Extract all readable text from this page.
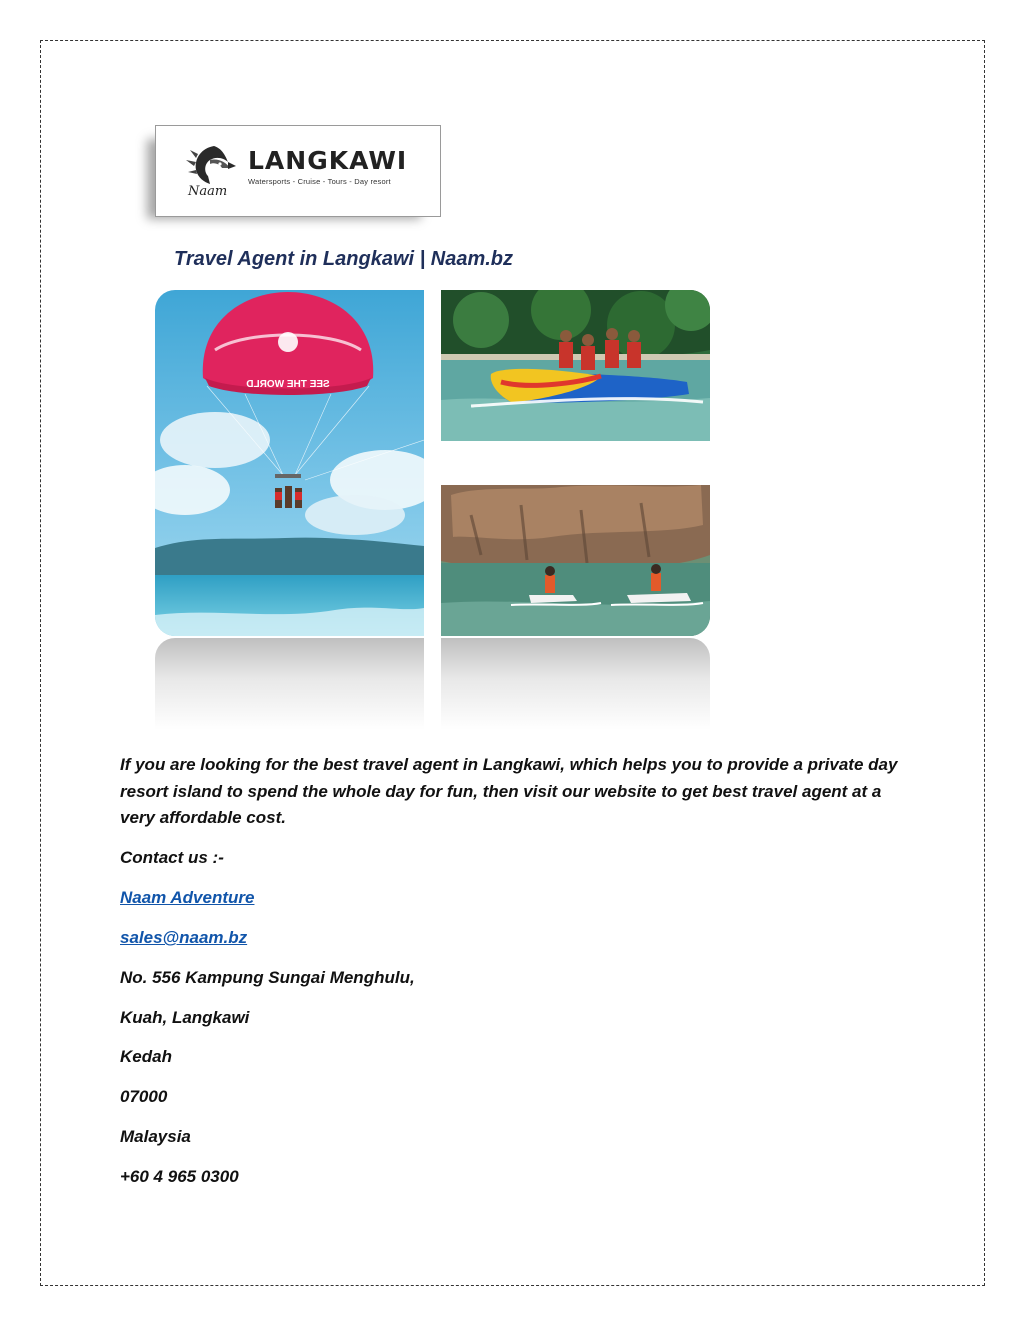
Naam
LANGKAWI
Watersports - Cruise - Tours - Day resort
Travel Agent in Langkawi | Naam.bz
SEE THE WORLD
If you are looking for the best travel agent in Langkawi, which helps you to provide a private day resort island to spend the whole day for fun, then visit our website to get best travel agent at a very affordable cost.
Contact us :-
Naam Adventure
sales@naam.bz
No. 556 Kampung Sungai Menghulu,
Kuah, Langkawi
Kedah
07000
Malaysia
+60 4 965 0300
